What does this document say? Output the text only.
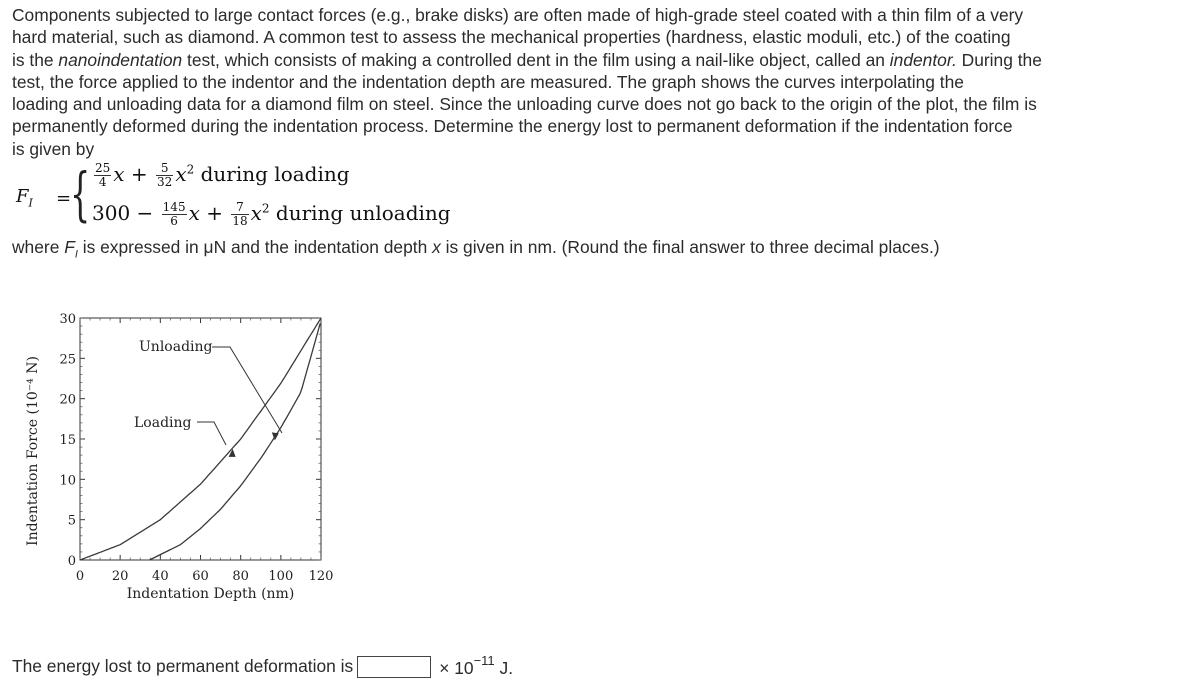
Components subjected to large contact forces (e.g., brake disks) are often made of high-grade steel coated with a thin film of a very
hard material, such as diamond. A common test to assess the mechanical properties (hardness, elastic moduli, etc.) of the coating
is the nanoindentation test, which consists of making a controlled dent in the film using a nail-like object, called an indentor. During the
test, the force applied to the indentor and the indentation depth are measured. The graph shows the curves interpolating the
loading and unloading data for a diamond film on steel. Since the unloading curve does not go back to the origin of the plot, the film is
permanently deformed during the indentation process. Determine the energy lost to permanent deformation if the indentation force
is given by
$F_I$ =
{ $\frac{25}{4}$ $x + \frac{5}{32} x^2$ during loading
$300 - \frac{145}{6}$ $x + \frac{7}{18} x^2$ during unloading
where $F_I$ is expressed in μN and the indentation depth x is given in nm. (Round the final answer to three decimal places.)
0
5
10
15
20
25
30
0 20 40 60 80 100 120
Indentation Depth (nm)
Indentation Force (10⁻⁴ N)
Unloading
Loading
The energy lost to permanent deformation is	× $10^{-11}$ J.
